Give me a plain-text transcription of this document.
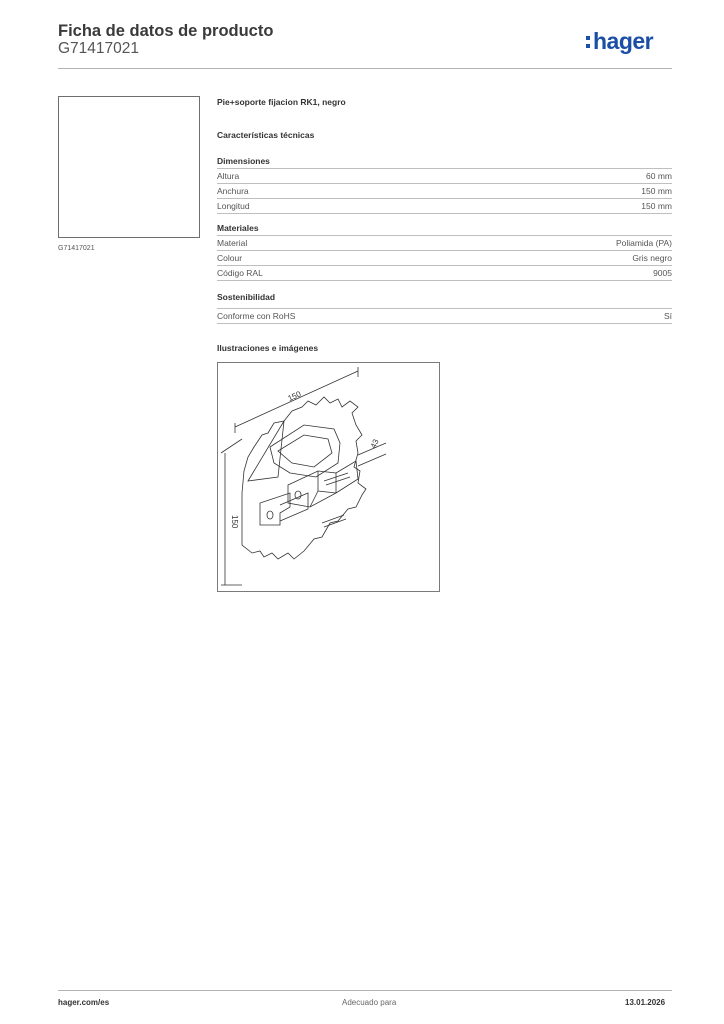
Ficha de datos de producto
G71417021	hager
G71417021
Pie+soporte fijacion RK1, negro
Características técnicas
Dimensiones
Altura	60 mm
Anchura	150 mm
Longitud	150 mm
Materiales
Material	Poliamida (PA)
Colour	Gris negro
Código RAL	9005
Sostenibilidad
Conforme con RoHS	Sí
Ilustraciones e imágenes
150
150
43
hager.com/es	Adecuado para	13.01.2026
